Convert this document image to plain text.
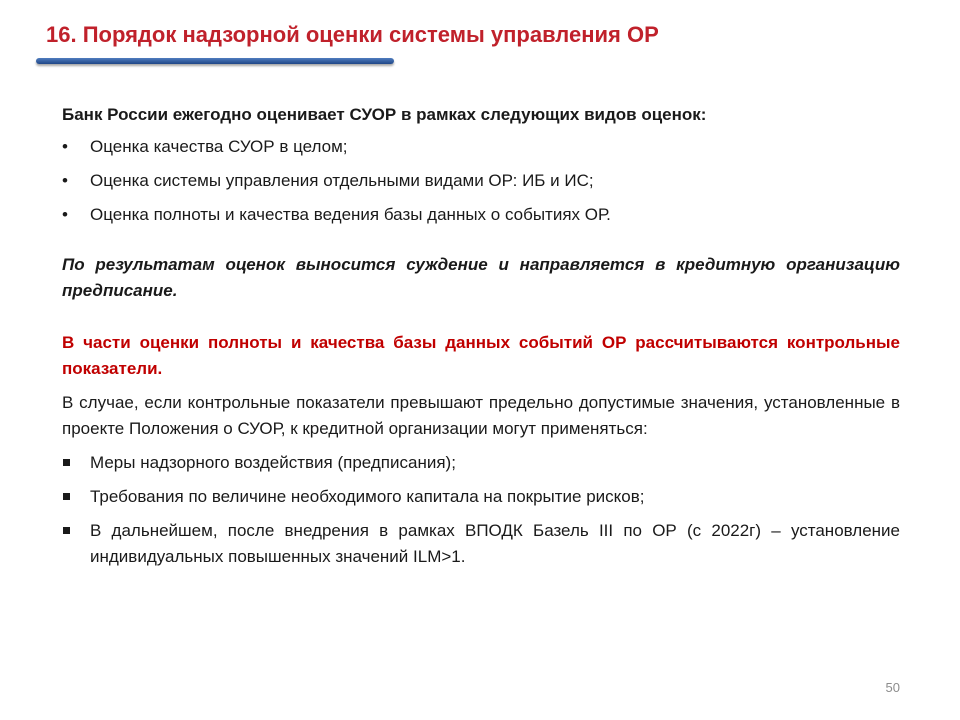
16. Порядок надзорной оценки системы управления ОР

Банк России ежегодно оценивает СУОР в рамках следующих видов оценок:

• Оценка качества СУОР в целом;
• Оценка системы управления отдельными видами ОР: ИБ и ИС;
• Оценка полноты и качества ведения базы данных о событиях ОР.

По результатам оценок выносится суждение и направляется в кредитную организацию предписание.

В части оценки полноты и качества базы данных событий ОР рассчитываются контрольные показатели.

В случае, если контрольные показатели превышают предельно допустимые значения, установленные в проекте Положения о СУОР, к кредитной организации могут применяться:

Меры надзорного воздействия (предписания);
Требования по величине необходимого капитала на покрытие рисков;
В дальнейшем, после внедрения в рамках ВПОДК Базель III по ОР (с 2022г) – установление индивидуальных повышенных значений ILM>1.
50
